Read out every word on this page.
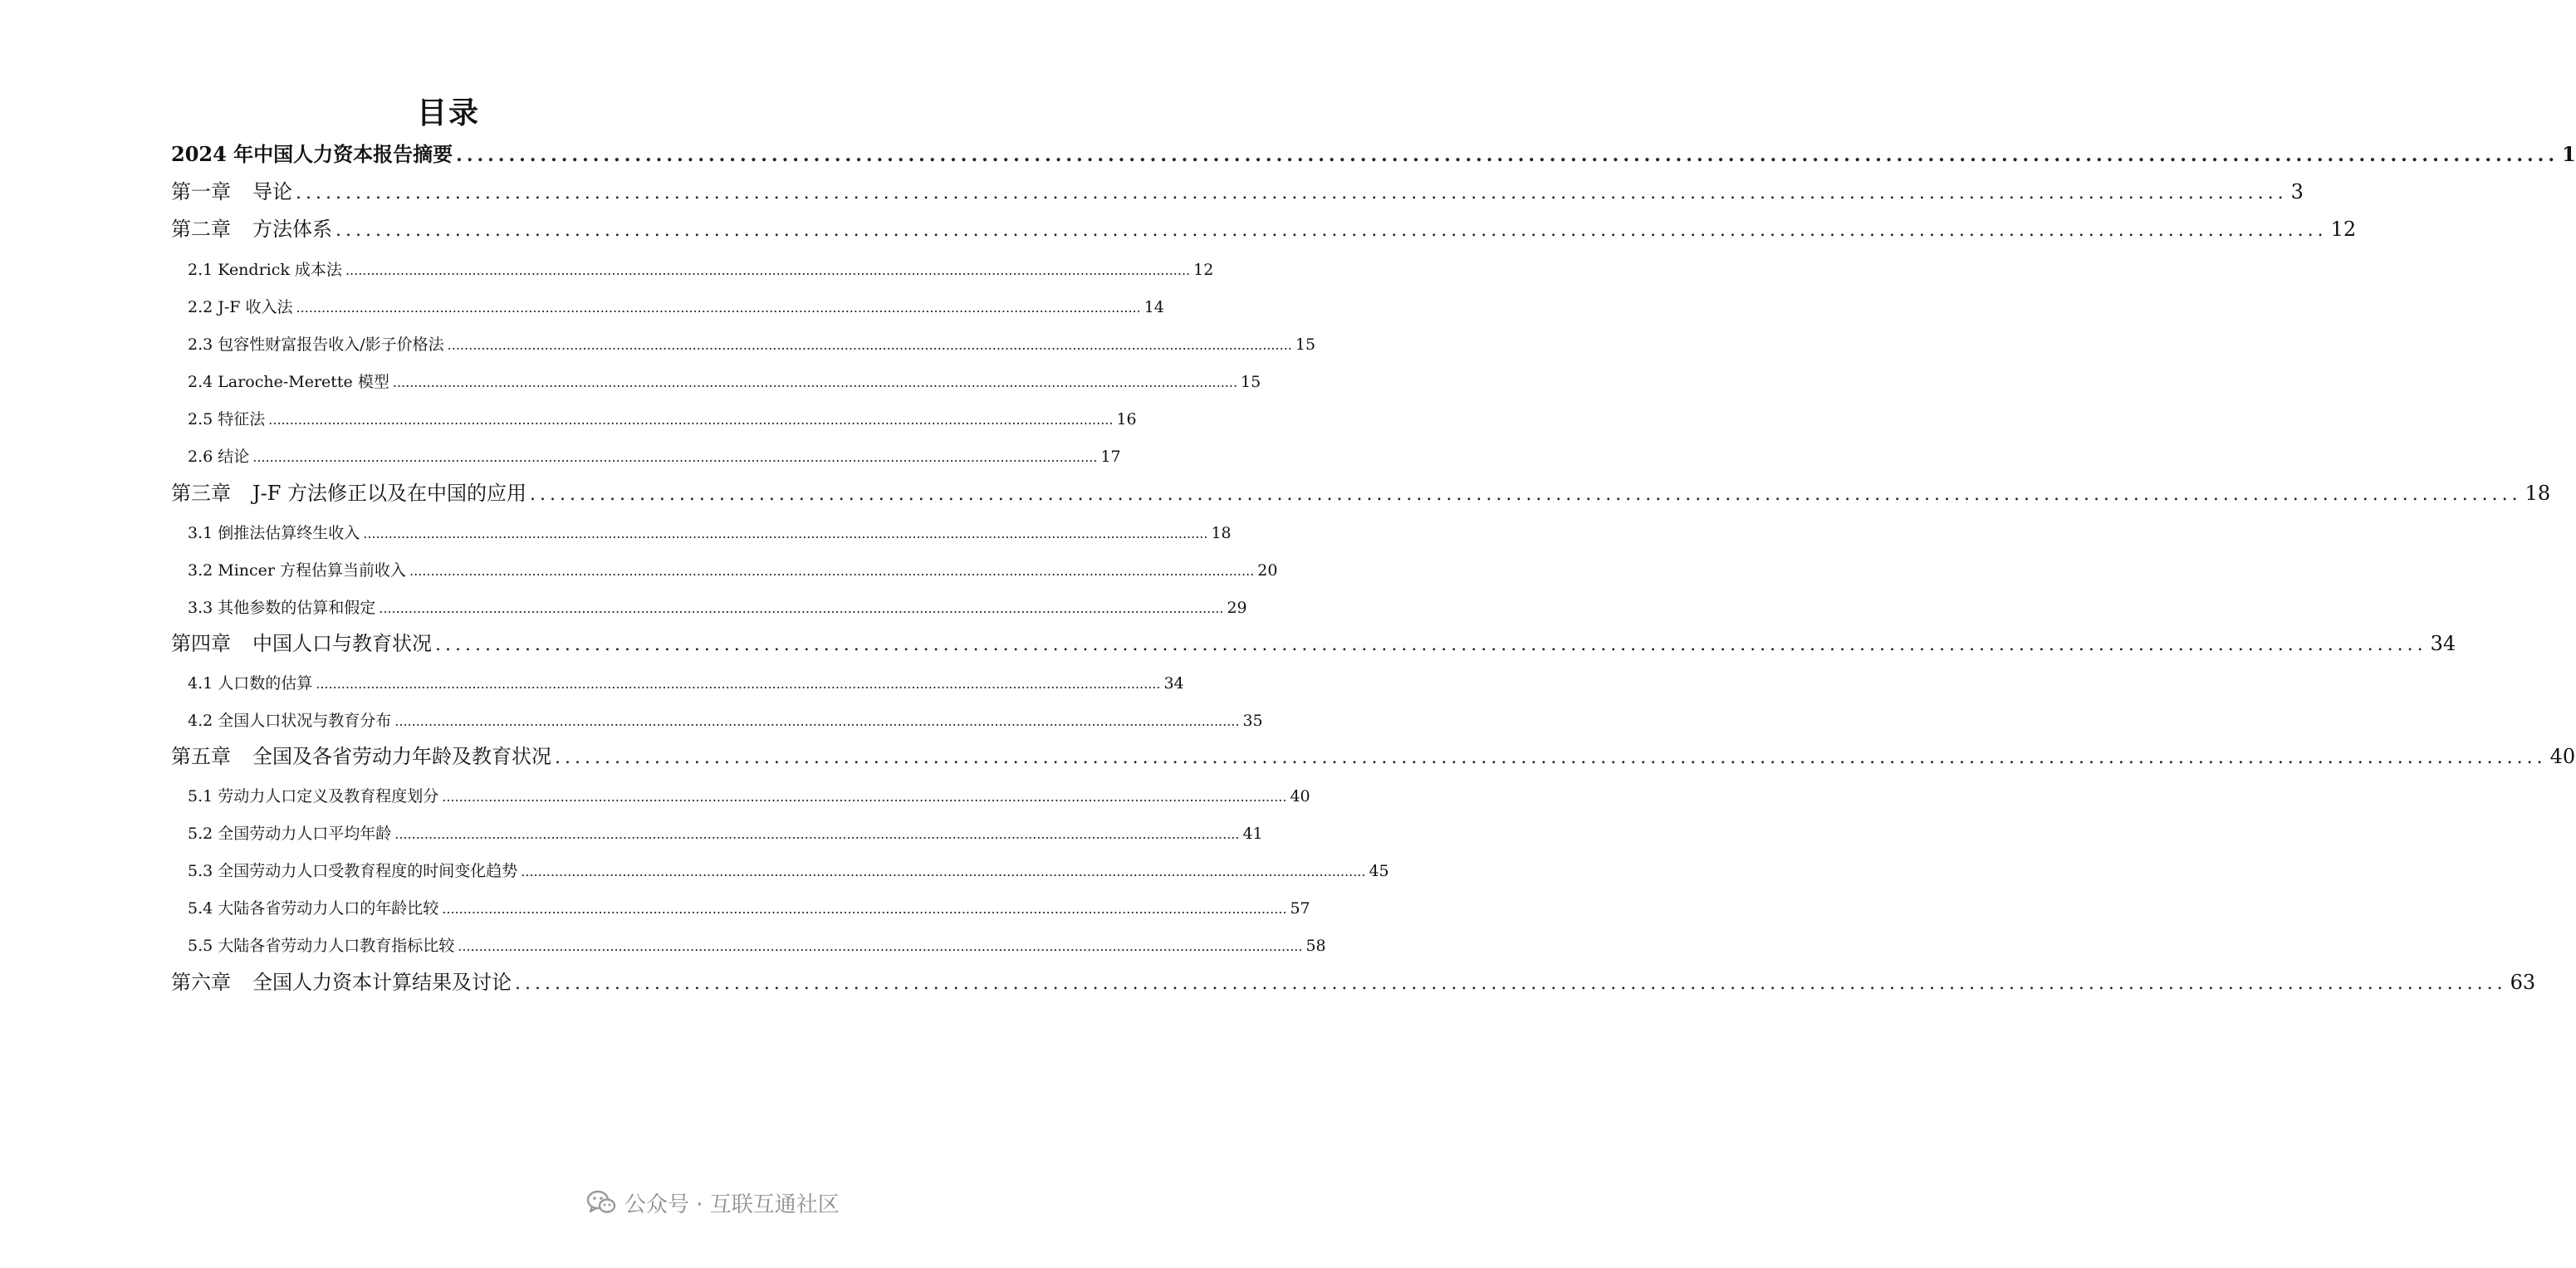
目录
2024 年中国人力资本报告摘要 ........................................................................................................................................................................................................ 1
第一章 导论 ........................................................................................................................................................................................................ 3
第二章 方法体系 ........................................................................................................................................................................................................ 12
2.1 Kendrick 成本法 ........................................................................................................................................................................................................ 12
2.2 J-F 收入法 ........................................................................................................................................................................................................ 14
2.3 包容性财富报告收入/影子价格法 ........................................................................................................................................................................................................ 15
2.4 Laroche-Merette 模型 ........................................................................................................................................................................................................ 15
2.5 特征法 ........................................................................................................................................................................................................ 16
2.6 结论 ........................................................................................................................................................................................................ 17
第三章 J-F 方法修正以及在中国的应用 ........................................................................................................................................................................................................ 18
3.1 倒推法估算终生收入 ........................................................................................................................................................................................................ 18
3.2 Mincer 方程估算当前收入 ........................................................................................................................................................................................................ 20
3.3 其他参数的估算和假定 ........................................................................................................................................................................................................ 29
第四章 中国人口与教育状况 ........................................................................................................................................................................................................ 34
4.1 人口数的估算 ........................................................................................................................................................................................................ 34
4.2 全国人口状况与教育分布 ........................................................................................................................................................................................................ 35
第五章 全国及各省劳动力年龄及教育状况 ........................................................................................................................................................................................................ 40
5.1 劳动力人口定义及教育程度划分 ........................................................................................................................................................................................................ 40
5.2 全国劳动力人口平均年龄 ........................................................................................................................................................................................................ 41
5.3 全国劳动力人口受教育程度的时间变化趋势 ........................................................................................................................................................................................................ 45
5.4 大陆各省劳动力人口的年龄比较 ........................................................................................................................................................................................................ 57
5.5 大陆各省劳动力人口教育指标比较 ........................................................................................................................................................................................................ 58
第六章 全国人力资本计算结果及讨论 ........................................................................................................................................................................................................ 63
公众号 · 互联互通社区
